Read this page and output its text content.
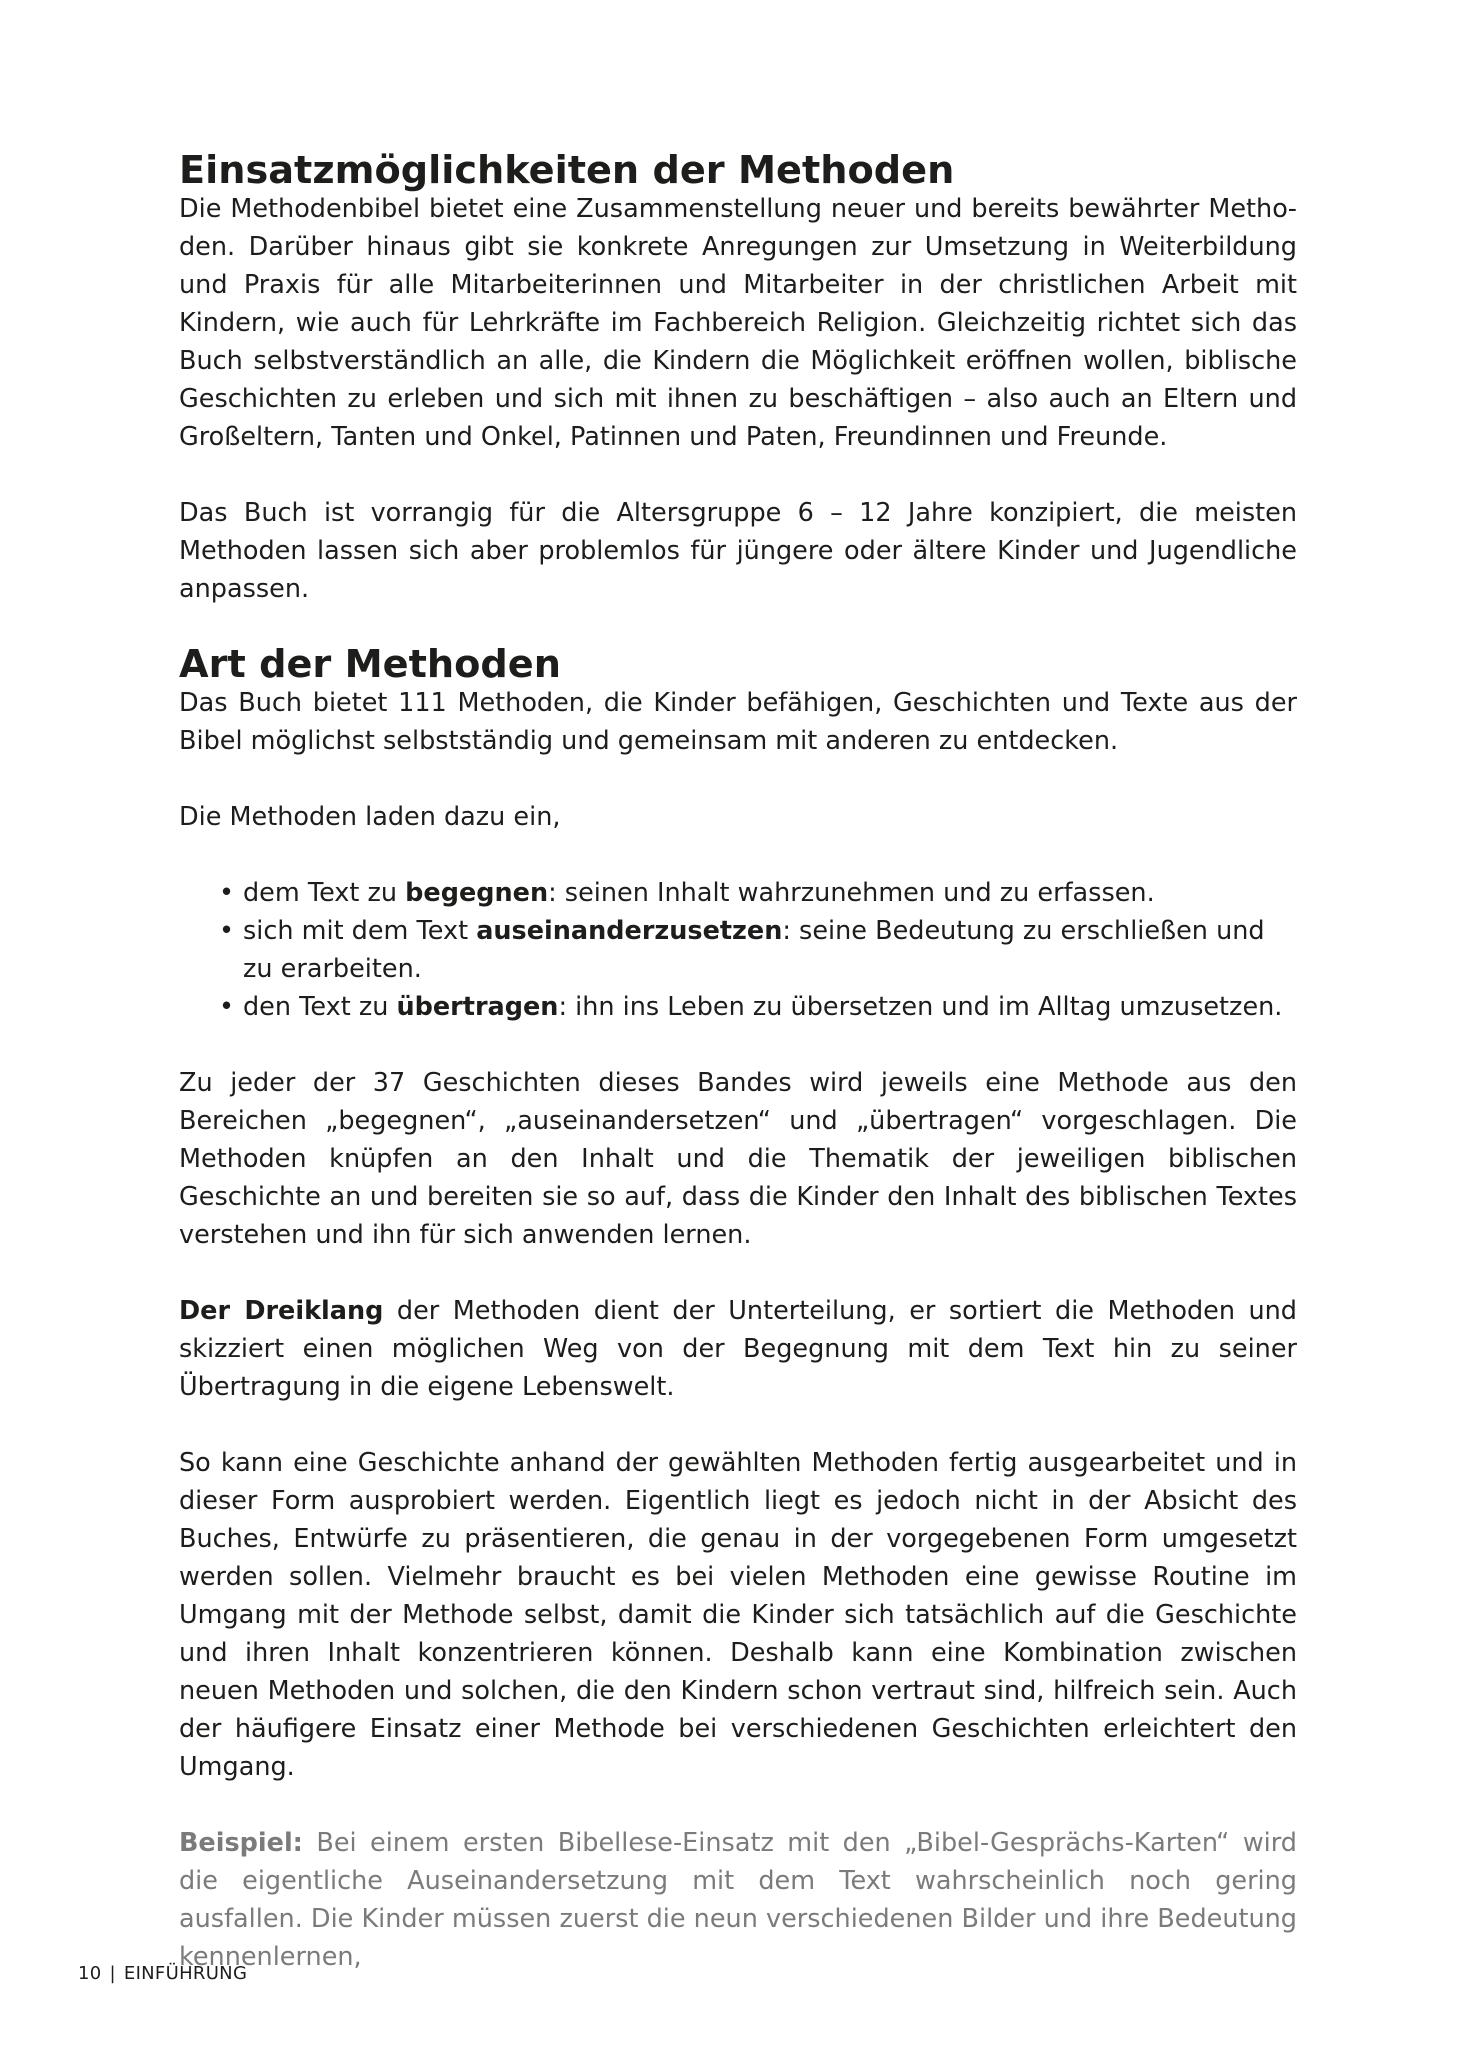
Einsatzmöglichkeiten der Methoden

Die Methodenbibel bietet eine Zusammenstellung neuer und bereits bewährter Methoden. Darüber hinaus gibt sie konkrete Anregungen zur Umsetzung in Weiterbildung und Praxis für alle Mitarbeiterinnen und Mitarbeiter in der christlichen Arbeit mit Kindern, wie auch für Lehrkräfte im Fachbereich Religion. Gleichzeitig richtet sich das Buch selbstverständlich an alle, die Kindern die Möglichkeit eröffnen wollen, biblische Geschichten zu erleben und sich mit ihnen zu beschäftigen – also auch an Eltern und Großeltern, Tanten und Onkel, Patinnen und Paten, Freundinnen und Freunde.

Das Buch ist vorrangig für die Altersgruppe 6 – 12 Jahre konzipiert, die meisten Methoden lassen sich aber problemlos für jüngere oder ältere Kinder und Jugendliche anpassen.

Art der Methoden

Das Buch bietet 111 Methoden, die Kinder befähigen, Geschichten und Texte aus der Bibel möglichst selbstständig und gemeinsam mit anderen zu entdecken.

Die Methoden laden dazu ein,

• dem Text zu begegnen: seinen Inhalt wahrzunehmen und zu erfassen.
• sich mit dem Text auseinanderzusetzen: seine Bedeutung zu erschließen und zu erarbeiten.
• den Text zu übertragen: ihn ins Leben zu übersetzen und im Alltag umzusetzen.

Zu jeder der 37 Geschichten dieses Bandes wird jeweils eine Methode aus den Bereichen „begegnen“, „auseinandersetzen“ und „übertragen“ vorgeschlagen. Die Methoden knüpfen an den Inhalt und die Thematik der jeweiligen biblischen Geschichte an und bereiten sie so auf, dass die Kinder den Inhalt des biblischen Textes verstehen und ihn für sich anwenden lernen.

Der Dreiklang der Methoden dient der Unterteilung, er sortiert die Methoden und skizziert einen möglichen Weg von der Begegnung mit dem Text hin zu seiner Übertragung in die eigene Lebenswelt.

So kann eine Geschichte anhand der gewählten Methoden fertig ausgearbeitet und in dieser Form ausprobiert werden. Eigentlich liegt es jedoch nicht in der Absicht des Buches, Entwürfe zu präsentieren, die genau in der vorgegebenen Form umgesetzt werden sollen. Vielmehr braucht es bei vielen Methoden eine gewisse Routine im Umgang mit der Methode selbst, damit die Kinder sich tatsächlich auf die Geschichte und ihren Inhalt konzentrieren können. Deshalb kann eine Kombination zwischen neuen Methoden und solchen, die den Kindern schon vertraut sind, hilfreich sein. Auch der häufigere Einsatz einer Methode bei verschiedenen Geschichten erleichtert den Umgang.

Beispiel: Bei einem ersten Bibellese-Einsatz mit den „Bibel-Gesprächs-Karten“ wird die eigentliche Auseinandersetzung mit dem Text wahrscheinlich noch gering ausfallen. Die Kinder müssen zuerst die neun verschiedenen Bilder und ihre Bedeutung kennenlernen,

10 | EINFÜHRUNG
